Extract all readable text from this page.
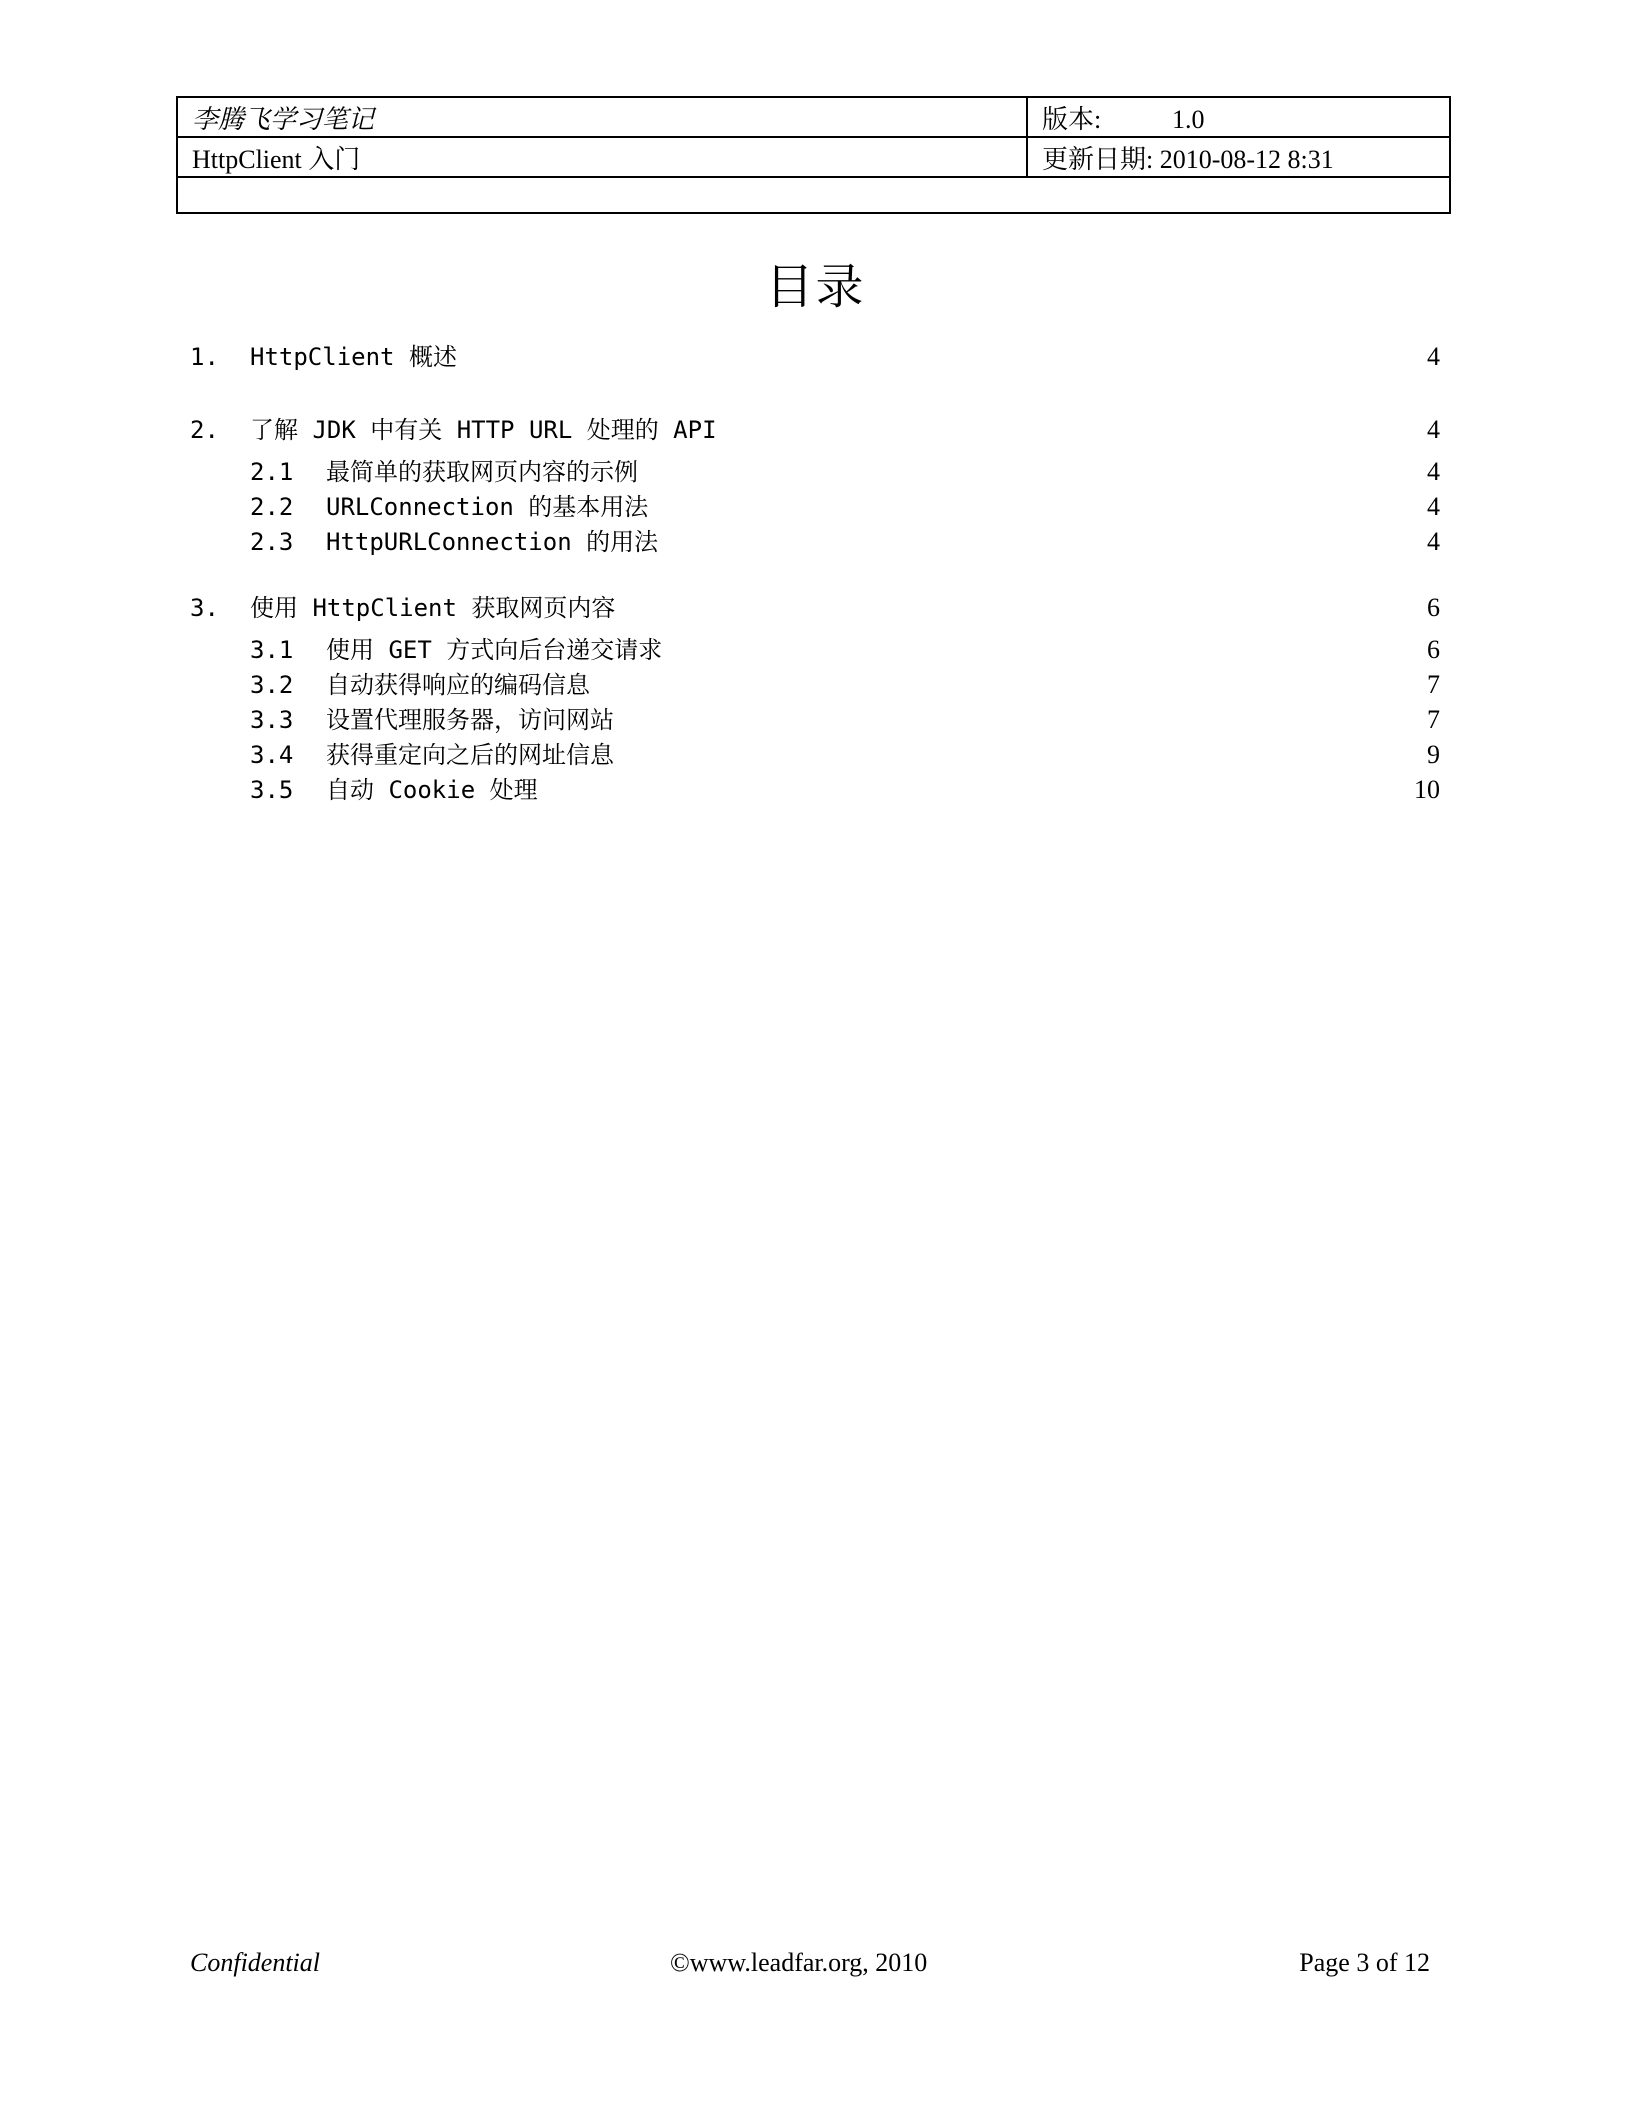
李腾飞学习笔记	版本: 1.0
HttpClient 入门	更新日期: 2010-08-12 8:31

目录
1. HttpClient 概述	4
2. 了解 JDK 中有关 HTTP URL 处理的 API	4
2.1 最简单的获取网页内容的示例	4
2.2 URLConnection 的基本用法	4
2.3 HttpURLConnection 的用法	4
3. 使用 HttpClient 获取网页内容	6
3.1 使用 GET 方式向后台递交请求	6
3.2 自动获得响应的编码信息	7
3.3 设置代理服务器，访问网站	7
3.4 获得重定向之后的网址信息	9
3.5 自动 Cookie 处理	10
Confidential	©www.leadfar.org, 2010	Page 3 of 12
